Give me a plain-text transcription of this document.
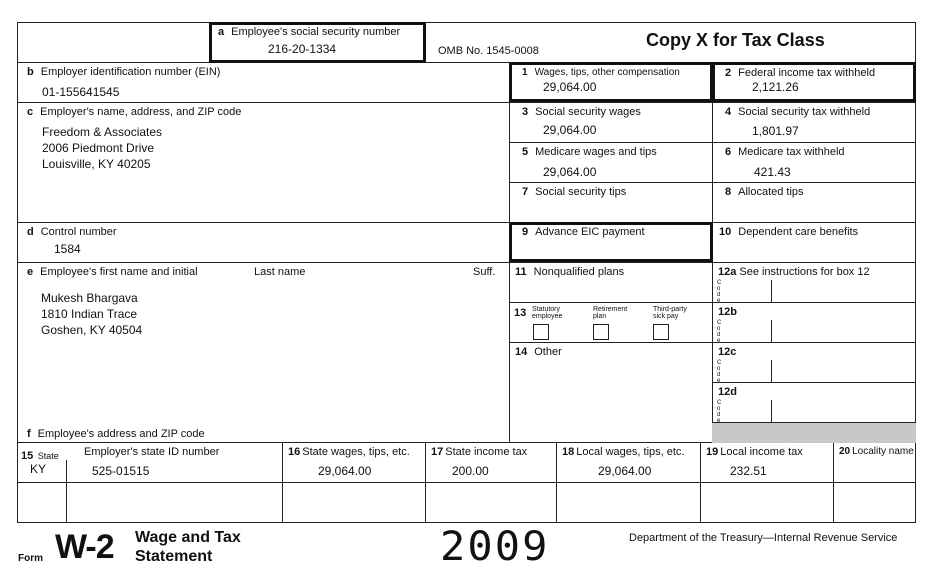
a Employee's social security number
216-20-1334	OMB No. 1545-0008
Copy X for Tax Class
b Employer identification number (EIN)
01-155641545
c Employer's name, address, and ZIP code
Freedom & Associates
2006 Piedmont Drive
Louisville, KY 40205
d Control number
1584
e Employee's first name and initial	Last name	Suff.
Mukesh Bhargava
1810 Indian Trace
Goshen, KY 40504
f Employee's address and ZIP code
1 Wages, tips, other compensation
29,064.00
2 Federal income tax withheld
2,121.26
3 Social security wages
29,064.00
4 Social security tax withheld
1,801.97
5 Medicare wages and tips
29,064.00
6 Medicare tax withheld
421.43
7 Social security tips	8 Allocated tips
9 Advance EIC payment	10 Dependent care benefits
11 Nonqualified plans	12a See instructions for box 12
12b
12c
12d
C o d e
C o d e
C o d e
C o d e
13 Statutory employee
Retirement plan
Third-party sick pay
14 Other
15 State Employer's state ID number
KY	525-01515
16 State wages, tips, etc.
29,064.00
17 State income tax
200.00
18 Local wages, tips, etc.
29,064.00
19 Local income tax
232.51
20 Locality name
Form W-2 Wage and Tax
Statement	2009	Department of the Treasury—Internal Revenue Service
